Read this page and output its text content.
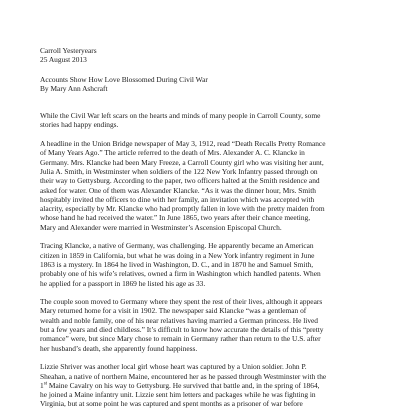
Carroll Yesteryears
25 August 2013
Accounts Show How Love Blossomed During Civil War
By Mary Ann Ashcraft
While the Civil War left scars on the hearts and minds of many people in Carroll County, some
stories had happy endings.
A headline in the Union Bridge newspaper of May 3, 1912, read “Death Recalls Pretty Romance
of Many Years Ago.” The article referred to the death of Mrs. Alexander A. C. Klancke in
Germany. Mrs. Klancke had been Mary Freeze, a Carroll County girl who was visiting her aunt,
Julia A. Smith, in Westminster when soldiers of the 122 New York Infantry passed through on
their way to Gettysburg. According to the paper, two officers halted at the Smith residence and
asked for water. One of them was Alexander Klancke. “As it was the dinner hour, Mrs. Smith
hospitably invited the officers to dine with her family, an invitation which was accepted with
alacrity, especially by Mr. Klancke who had promptly fallen in love with the pretty maiden from
whose hand he had received the water.” In June 1865, two years after their chance meeting,
Mary and Alexander were married in Westminster’s Ascension Episcopal Church.
Tracing Klancke, a native of Germany, was challenging. He apparently became an American
citizen in 1859 in California, but what he was doing in a New York infantry regiment in June
1863 is a mystery. In 1864 he lived in Washington, D. C., and in 1870 he and Samuel Smith,
probably one of his wife’s relatives, owned a firm in Washington which handled patents. When
he applied for a passport in 1869 he listed his age as 33.
The couple soon moved to Germany where they spent the rest of their lives, although it appears
Mary returned home for a visit in 1902. The newspaper said Klancke “was a gentleman of
wealth and noble family, one of his near relatives having married a German princess. He lived
but a few years and died childless.” It’s difficult to know how accurate the details of this “pretty
romance” were, but since Mary chose to remain in Germany rather than return to the U.S. after
her husband’s death, she apparently found happiness.
Lizzie Shriver was another local girl whose heart was captured by a Union soldier. John P.
Sheahan, a native of northern Maine, encountered her as he passed through Westminster with the
1st Maine Cavalry on his way to Gettysburg. He survived that battle and, in the spring of 1864,
he joined a Maine infantry unit. Lizzie sent him letters and packages while he was fighting in
Virginia, but at some point he was captured and spent months as a prisoner of war before
